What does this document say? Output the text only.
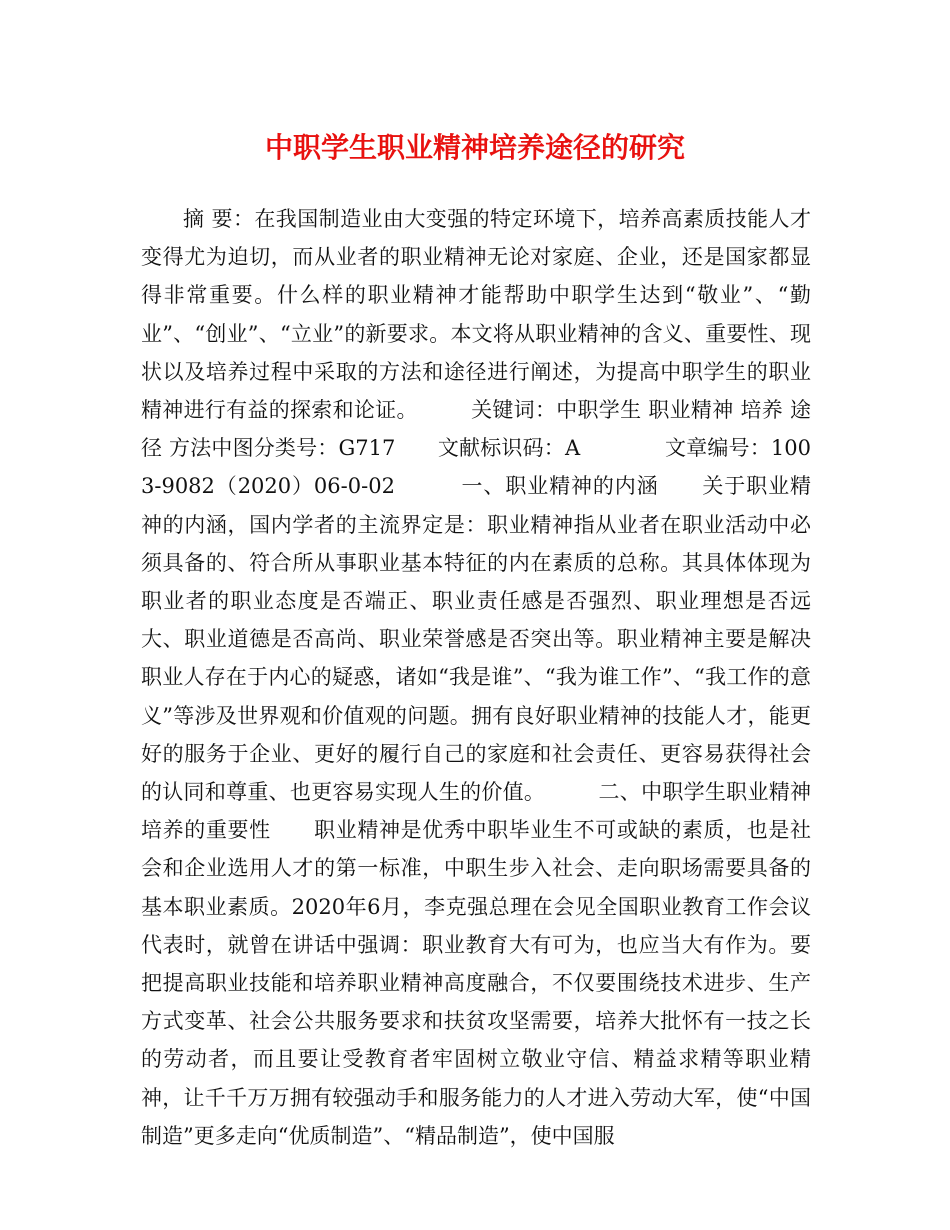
中职学生职业精神培养途径的研究

摘 要：在我国制造业由大变强的特定环境下，培养高素质技能人才变得尤为迫切，而从业者的职业精神无论对家庭、企业，还是国家都显得非常重要。什么样的职业精神才能帮助中职学生达到“敬业”、“勤业”、“创业”、“立业”的新要求。本文将从职业精神的含义、重要性、现状以及培养过程中采取的方法和途径进行阐述，为提高中职学生的职业精神进行有益的探索和论证。　　　关键词：中职学生 职业精神 培养 途径 方法中图分类号：G717　　文献标识码：A　　　　文章编号：1003-9082（2020）06-0-02　　　一、职业精神的内涵　　关于职业精神的内涵，国内学者的主流界定是：职业精神指从业者在职业活动中必须具备的、符合所从事职业基本特征的内在素质的总称。其具体体现为职业者的职业态度是否端正、职业责任感是否强烈、职业理想是否远大、职业道德是否高尚、职业荣誉感是否突出等。职业精神主要是解决职业人存在于内心的疑惑，诸如“我是谁”、“我为谁工作”、“我工作的意义”等涉及世界观和价值观的问题。拥有良好职业精神的技能人才，能更好的服务于企业、更好的履行自己的家庭和社会责任、更容易获得社会的认同和尊重、也更容易实现人生的价值。　　　二、中职学生职业精神培养的重要性　　职业精神是优秀中职毕业生不可或缺的素质，也是社会和企业选用人才的第一标准，中职生步入社会、走向职场需要具备的基本职业素质。2020年6月，李克强总理在会见全国职业教育工作会议代表时，就曾在讲话中强调：职业教育大有可为，也应当大有作为。要把提高职业技能和培养职业精神高度融合，不仅要围绕技术进步、生产方式变革、社会公共服务要求和扶贫攻坚需要，培养大批怀有一技之长的劳动者，而且要让受教育者牢固树立敬业守信、精益求精等职业精神，让千千万万拥有较强动手和服务能力的人才进入劳动大军，使“中国制造”更多走向“优质制造”、“精品制造”，使中国服
